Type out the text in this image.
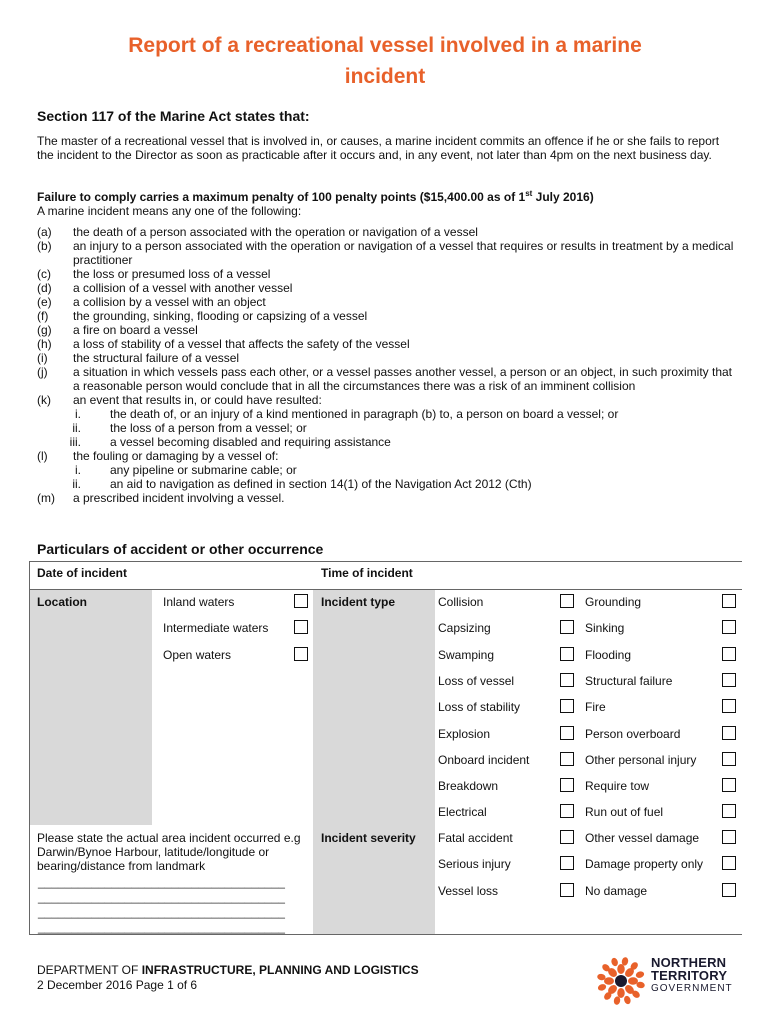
Report of a recreational vessel involved in a marine
incident
Section 117 of the Marine Act states that:
The master of a recreational vessel that is involved in, or causes, a marine incident commits an offence if he or she fails to report the incident to the Director as soon as practicable after it occurs and, in any event, not later than 4pm on the next business day.
Failure to comply carries a maximum penalty of 100 penalty points ($15,400.00 as of 1st July 2016)
A marine incident means any one of the following:
(a) the death of a person associated with the operation or navigation of a vessel
(b) an injury to a person associated with the operation or navigation of a vessel that requires or results in treatment by a medical practitioner
(c) the loss or presumed loss of a vessel
(d) a collision of a vessel with another vessel
(e) a collision by a vessel with an object
(f) the grounding, sinking, flooding or capsizing of a vessel
(g) a fire on board a vessel
(h) a loss of stability of a vessel that affects the safety of the vessel
(i) the structural failure of a vessel
(j) a situation in which vessels pass each other, or a vessel passes another vessel, a person or an object, in such proximity that a reasonable person would conclude that in all the circumstances there was a risk of an imminent collision
(k) an event that results in, or could have resulted:
i. the death of, or an injury of a kind mentioned in paragraph (b) to, a person on board a vessel; or
ii. the loss of a person from a vessel; or
iii. a vessel becoming disabled and requiring assistance
(l) the fouling or damaging by a vessel of:
i. any pipeline or submarine cable; or
ii. an aid to navigation as defined in section 14(1) of the Navigation Act 2012 (Cth)
(m) a prescribed incident involving a vessel.
Particulars of accident or other occurrence
Date of incident	Time of incident
Location	Incident type
Incident severity
Please state the actual area incident occurred e.g Darwin/Bynoe Harbour, latitude/longitude or bearing/distance from landmark
_____________________________________
_____________________________________
_____________________________________
_____________________________________
Inland waters
Intermediate waters
Open waters
Collision
Capsizing
Swamping
Loss of vessel
Loss of stability
Explosion
Onboard incident
Breakdown
Electrical
Grounding
Sinking
Flooding
Structural failure
Fire
Person overboard
Other personal injury
Require tow
Run out of fuel
Fatal accident
Serious injury
Vessel loss
Other vessel damage
Damage property only
No damage
DEPARTMENT OF INFRASTRUCTURE, PLANNING AND LOGISTICS
2 December 2016 Page 1 of 6
NORTHERN
TERRITORY
GOVERNMENT
